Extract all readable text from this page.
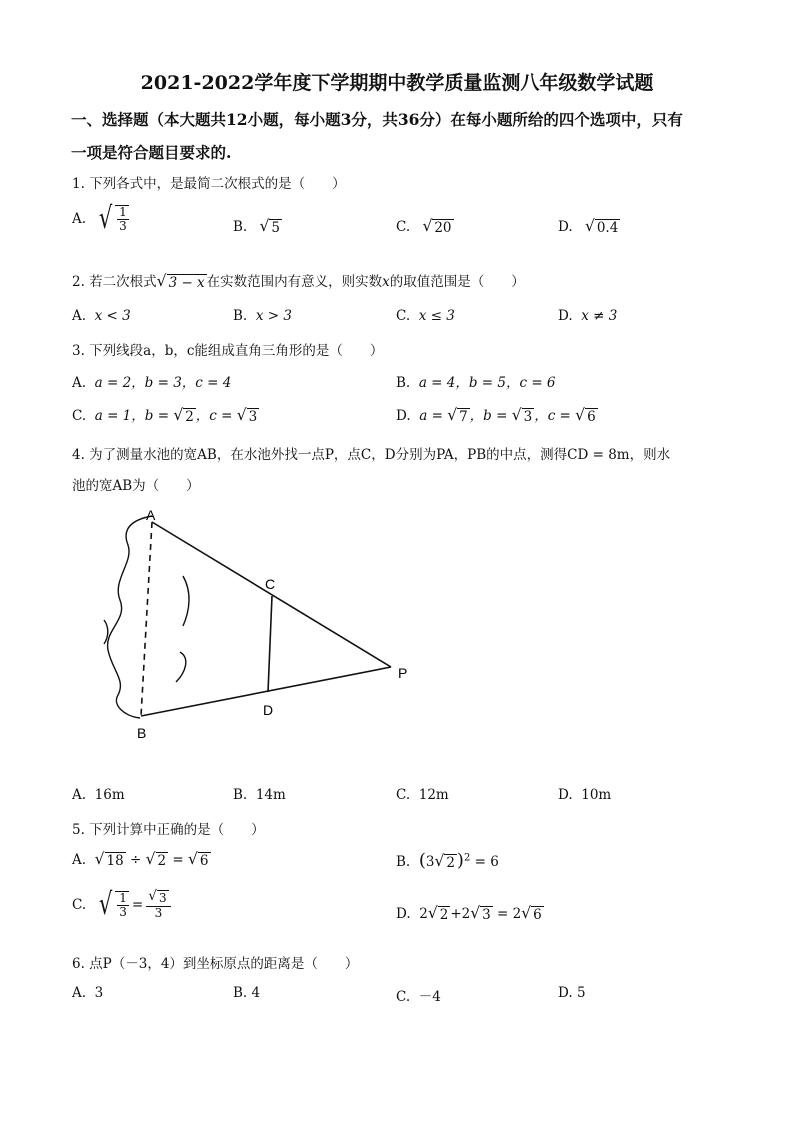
2021-2022学年度下学期期中教学质量监测八年级数学试题
一、选择题（本大题共12小题，每小题3分，共36分）在每小题所给的四个选项中，只有
一项是符合题目要求的.
1. 下列各式中，是最简二次根式的是（　　）
A. √ $\frac{1}{3}$	B. √ 5	C. √ 20	D. √ 0.4
2. 若二次根式 √ 3 − x 在实数范围内有意义，则实数x的取值范围是（　　）
A. x < 3	B. x > 3	C. x ≤ 3	D. x ≠ 3
3. 下列线段a，b，c能组成直角三角形的是（　　）
A. a = 2，b = 3，c = 4	B. a = 4，b = 5，c = 6
C. a = 1，b = √ 2 ，c = √ 3	D. a = √ 7 ，b = √ 3 ，c = √ 6
4. 为了测量水池的宽AB，在水池外找一点P，点C，D分别为PA，PB的中点，测得CD = 8m，则水
池的宽AB为（　　）
A
C
P
D
B
A. 16m	B. 14m	C. 12m	D. 10m
5. 下列计算中正确的是（　　）
A. √ 18 ÷ √ 2 = √ 6	B. (3 √ 2 )$^2$ = 6
C. √ $\frac{1}{3} = \frac{√ 3}{3}$	D. 2 √ 2 +2 √ 3 = 2 √ 6
6. 点P（－3，4）到坐标原点的距离是（　　）
A. 3	B. 4	C. －4	D. 5
